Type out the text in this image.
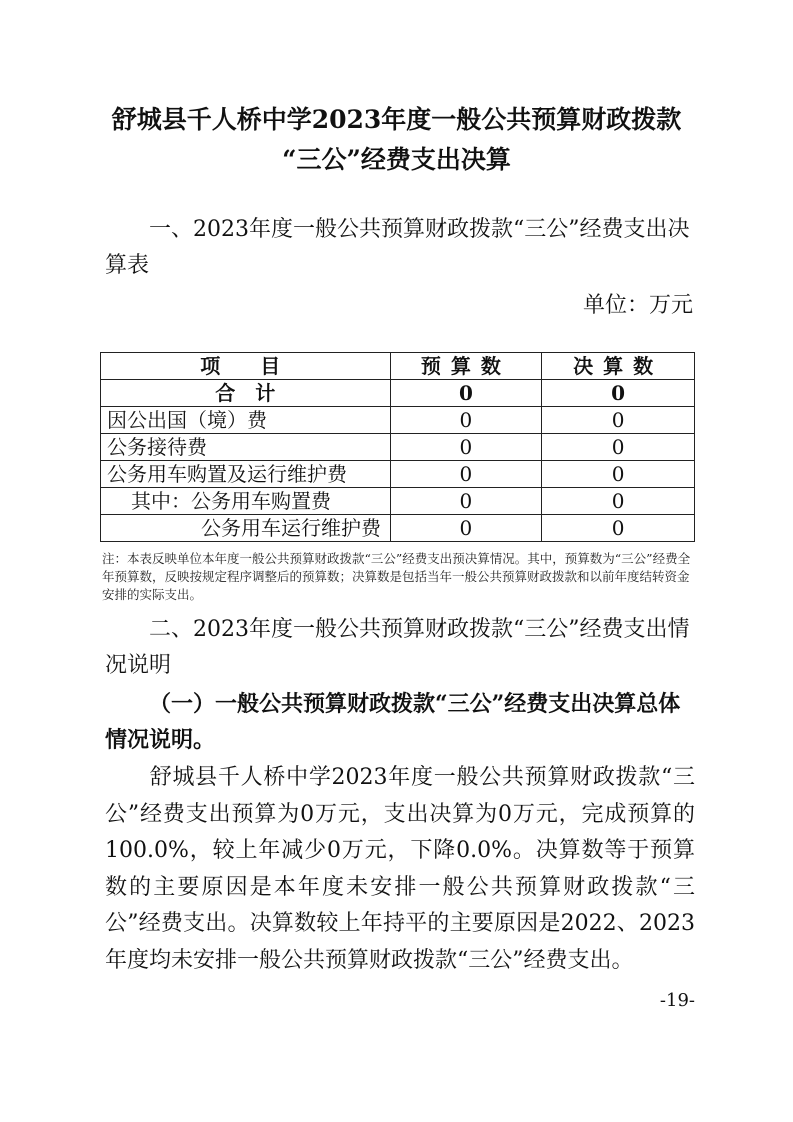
舒城县千人桥中学2023年度一般公共预算财政拨款
“三公”经费支出决算
一、2023年度一般公共预算财政拨款“三公”经费支出决算表
单位：万元
项　目	预算数	决算数
合　计	0	0
因公出国（境）费	0	0
公务接待费	0	0
公务用车购置及运行维护费	0	0
其中：公务用车购置费	0	0
公务用车运行维护费	0	0
注：本表反映单位本年度一般公共预算财政拨款“三公”经费支出预决算情况。其中，预算数为“三公”经费全年预算数，反映按规定程序调整后的预算数；决算数是包括当年一般公共预算财政拨款和以前年度结转资金安排的实际支出。
二、2023年度一般公共预算财政拨款“三公”经费支出情况说明
（一）一般公共预算财政拨款“三公”经费支出决算总体情况说明。
舒城县千人桥中学2023年度一般公共预算财政拨款“三公”经费支出预算为0万元，支出决算为0万元，完成预算的100.0%，较上年减少0万元，下降0.0%。决算数等于预算数的主要原因是本年度未安排一般公共预算财政拨款“三公”经费支出。决算数较上年持平的主要原因是2022、2023年度均未安排一般公共预算财政拨款“三公”经费支出。
-19-
